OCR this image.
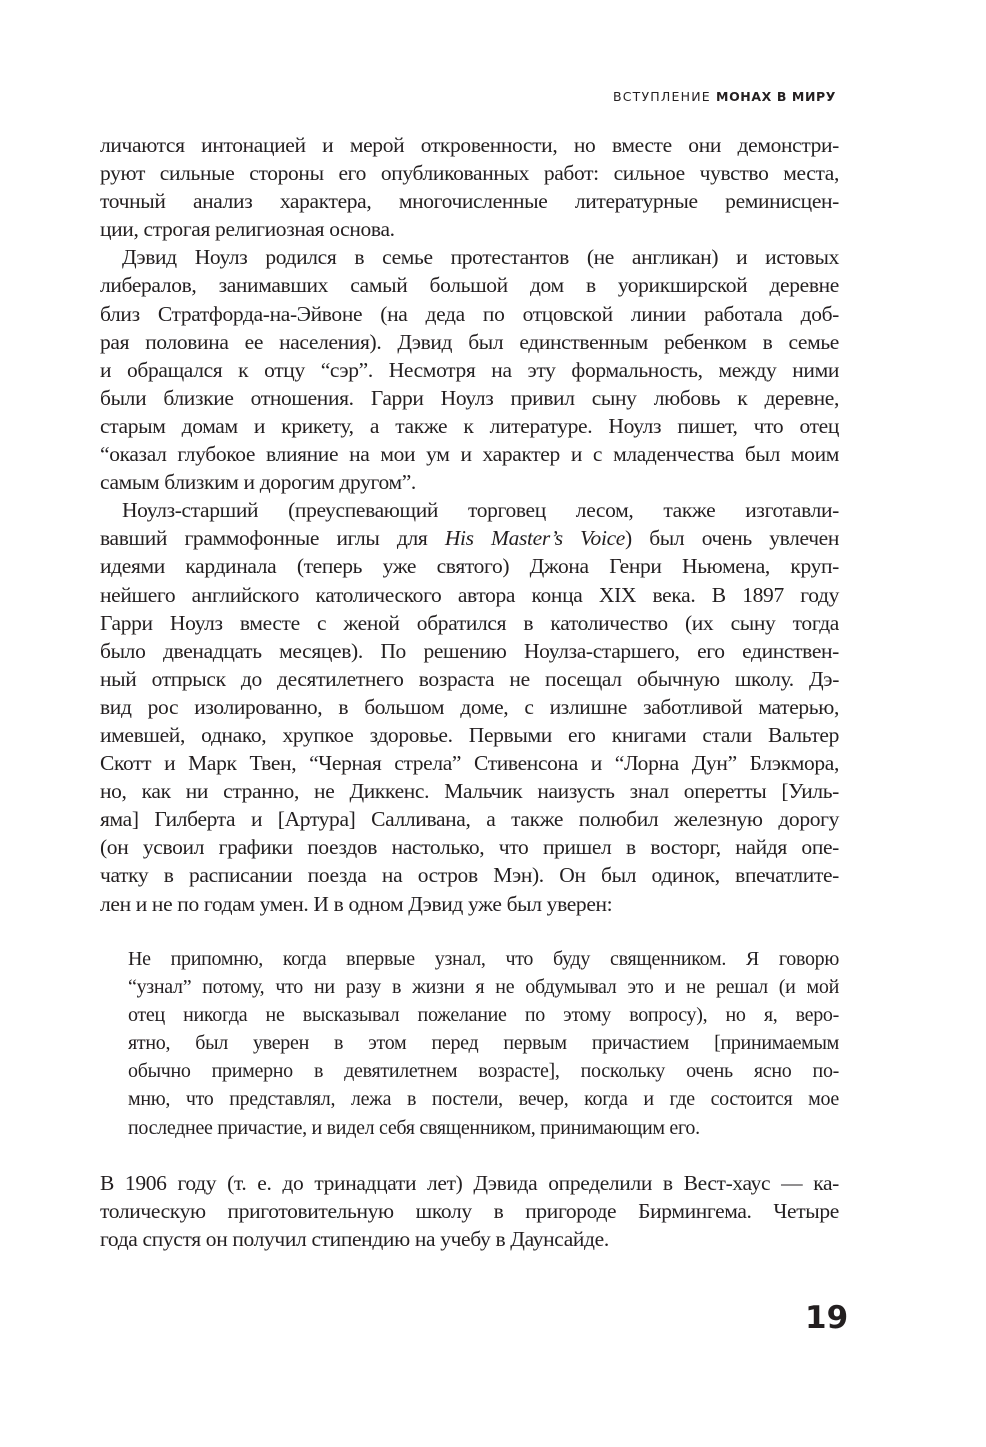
ВСТУПЛЕНИЕ МОНАХ В МИРУ
личаются интонацией и мерой откровенности, но вместе они демонстри-
руют сильные стороны его опубликованных работ: сильное чувство места,
точный анализ характера, многочисленные литературные реминисцен-
ции, строгая религиозная основа.
Дэвид Ноулз родился в семье протестантов (не англикан) и истовых
либералов, занимавших самый большой дом в уорикширской деревне
близ Стратфорда-на-Эйвоне (на деда по отцовской линии работала доб-
рая половина ее населения). Дэвид был единственным ребенком в семье
и обращался к отцу “сэр”. Несмотря на эту формальность, между ними
были близкие отношения. Гарри Ноулз привил сыну любовь к деревне,
старым домам и крикету, а также к литературе. Ноулз пишет, что отец
“оказал глубокое влияние на мои ум и характер и с младенчества был моим
самым близким и дорогим другом”.
Ноулз-старший (преуспевающий торговец лесом, также изготавли-
вавший граммофонные иглы для His Master’s Voice) был очень увлечен
идеями кардинала (теперь уже святого) Джона Генри Ньюмена, круп-
нейшего английского католического автора конца XIX века. В 1897 году
Гарри Ноулз вместе с женой обратился в католичество (их сыну тогда
было двенадцать месяцев). По решению Ноулза-старшего, его единствен-
ный отпрыск до десятилетнего возраста не посещал обычную школу. Дэ-
вид рос изолированно, в большом доме, с излишне заботливой матерью,
имевшей, однако, хрупкое здоровье. Первыми его книгами стали Вальтер
Скотт и Марк Твен, “Черная стрела” Стивенсона и “Лорна Дун” Блэкмора,
но, как ни странно, не Диккенс. Мальчик наизусть знал оперетты [Уиль-
яма] Гилберта и [Артура] Салливана, а также полюбил железную дорогу
(он усвоил графики поездов настолько, что пришел в восторг, найдя опе-
чатку в расписании поезда на остров Мэн). Он был одинок, впечатлите-
лен и не по годам умен. И в одном Дэвид уже был уверен:
Не припомню, когда впервые узнал, что буду священником. Я говорю
“узнал” потому, что ни разу в жизни я не обдумывал это и не решал (и мой
отец никогда не высказывал пожелание по этому вопросу), но я, веро-
ятно, был уверен в этом перед первым причастием [принимаемым
обычно примерно в девятилетнем возрасте], поскольку очень ясно по-
мню, что представлял, лежа в постели, вечер, когда и где состоится мое
последнее причастие, и видел себя священником, принимающим его.
В 1906 году (т. е. до тринадцати лет) Дэвида определили в Вест-хаус — ка-
толическую приготовительную школу в пригороде Бирмингема. Четыре
года спустя он получил стипендию на учебу в Даунсайде.
19
